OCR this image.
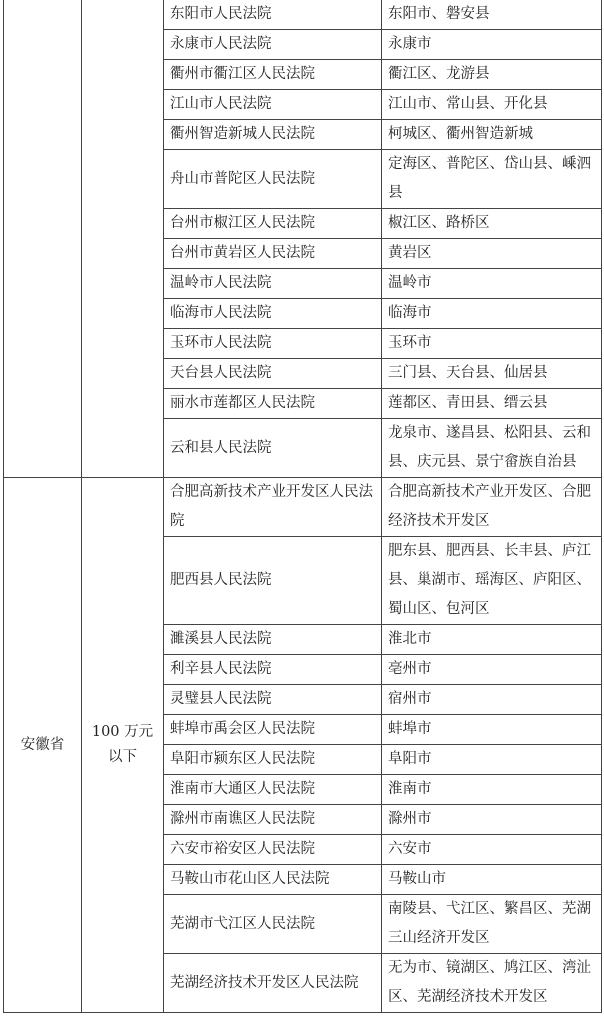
		东阳市人民法院	东阳市、磐安县
		永康市人民法院	永康市
		衢州市衢江区人民法院	衢江区、龙游县
		江山市人民法院	江山市、常山县、开化县
		衢州智造新城人民法院	柯城区、衢州智造新城
		舟山市普陀区人民法院	定海区、普陀区、岱山县、嵊泗县
		台州市椒江区人民法院	椒江区、路桥区
		台州市黄岩区人民法院	黄岩区
		温岭市人民法院	温岭市
		临海市人民法院	临海市
		玉环市人民法院	玉环市
		天台县人民法院	三门县、天台县、仙居县
		丽水市莲都区人民法院	莲都区、青田县、缙云县
		云和县人民法院	龙泉市、遂昌县、松阳县、云和县、庆元县、景宁畲族自治县
安徽省	100 万元以下	合肥高新技术产业开发区人民法院	合肥高新技术产业开发区、合肥经济技术开发区
		肥西县人民法院	肥东县、肥西县、长丰县、庐江县、巢湖市、瑶海区、庐阳区、蜀山区、包河区
		濉溪县人民法院	淮北市
		利辛县人民法院	亳州市
		灵璧县人民法院	宿州市
		蚌埠市禹会区人民法院	蚌埠市
		阜阳市颍东区人民法院	阜阳市
		淮南市大通区人民法院	淮南市
		滁州市南谯区人民法院	滁州市
		六安市裕安区人民法院	六安市
		马鞍山市花山区人民法院	马鞍山市
		芜湖市弋江区人民法院	南陵县、弋江区、繁昌区、芜湖三山经济开发区
		芜湖经济技术开发区人民法院	无为市、镜湖区、鸠江区、湾沚区、芜湖经济技术开发区
